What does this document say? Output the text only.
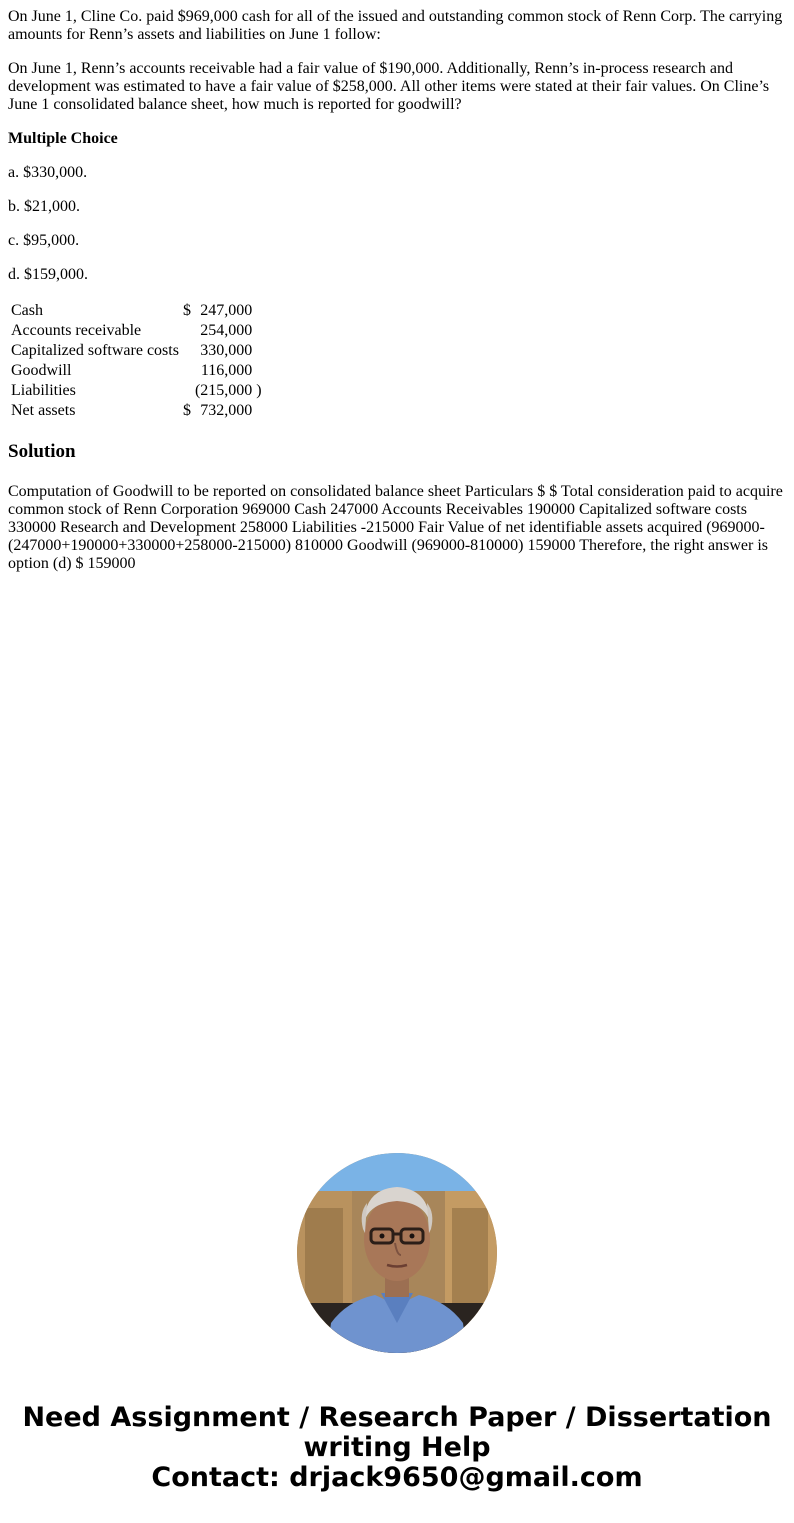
On June 1, Cline Co. paid $969,000 cash for all of the issued and outstanding common stock of Renn Corp. The carrying amounts for Renn’s assets and liabilities on June 1 follow:

On June 1, Renn’s accounts receivable had a fair value of $190,000. Additionally, Renn’s in-process research and development was estimated to have a fair value of $258,000. All other items were stated at their fair values. On Cline’s June 1 consolidated balance sheet, how much is reported for goodwill?

Multiple Choice

a. $330,000.

b. $21,000.

c. $95,000.

d. $159,000.

Cash	$	247,000	
Accounts receivable		254,000	
Capitalized software costs		330,000	
Goodwill		116,000	
Liabilities		(215,000	)
Net assets	$	732,000	
Solution

Computation of Goodwill to be reported on consolidated balance sheet Particulars $ $ Total consideration paid to acquire common stock of Renn Corporation 969000 Cash 247000 Accounts Receivables 190000 Capitalized software costs 330000 Research and Development 258000 Liabilities -215000 Fair Value of net identifiable assets acquired (969000-(247000+190000+330000+258000-215000) 810000 Goodwill (969000-810000) 159000 Therefore, the right answer is option (d) $ 159000

Need Assignment / Research Paper / Dissertation
writing Help
Contact: drjack9650@gmail.com
